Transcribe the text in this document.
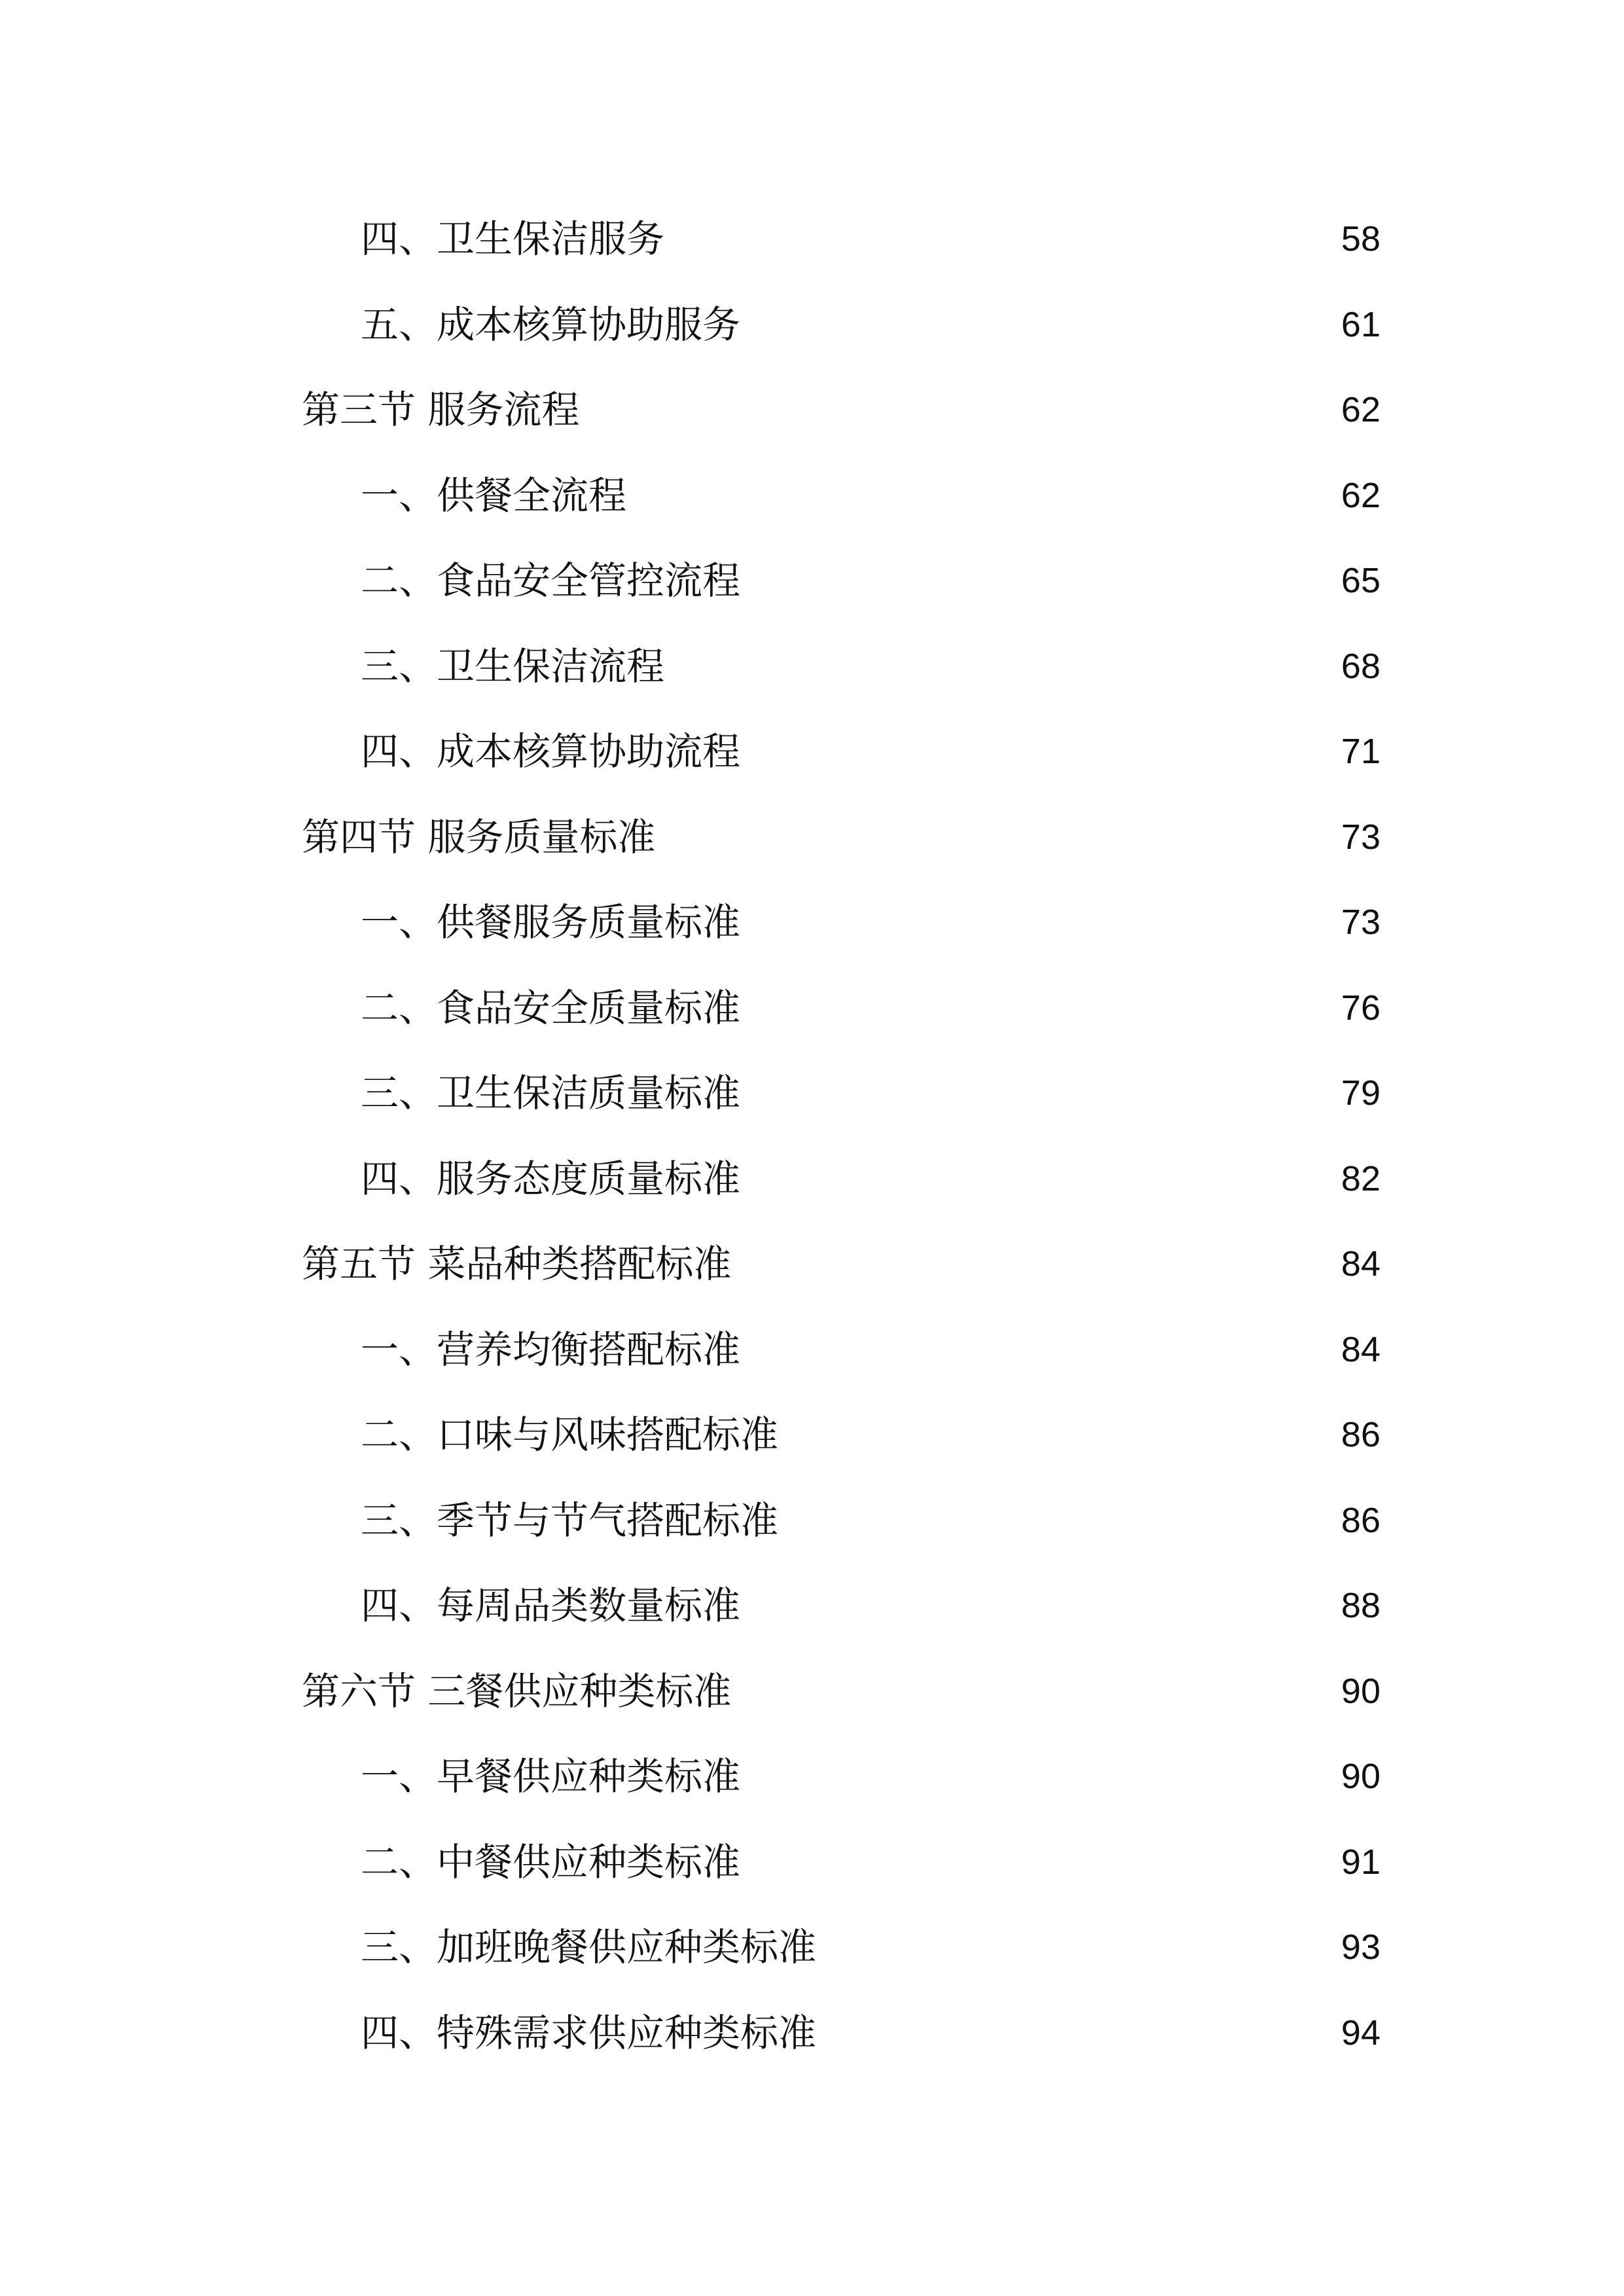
四、卫生保洁服务	58
五、成本核算协助服务	61
第三节 服务流程	62
一、供餐全流程	62
二、食品安全管控流程	65
三、卫生保洁流程	68
四、成本核算协助流程	71
第四节 服务质量标准	73
一、供餐服务质量标准	73
二、食品安全质量标准	76
三、卫生保洁质量标准	79
四、服务态度质量标准	82
第五节 菜品种类搭配标准	84
一、营养均衡搭配标准	84
二、口味与风味搭配标准	86
三、季节与节气搭配标准	86
四、每周品类数量标准	88
第六节 三餐供应种类标准	90
一、早餐供应种类标准	90
二、中餐供应种类标准	91
三、加班晚餐供应种类标准	93
四、特殊需求供应种类标准	94
